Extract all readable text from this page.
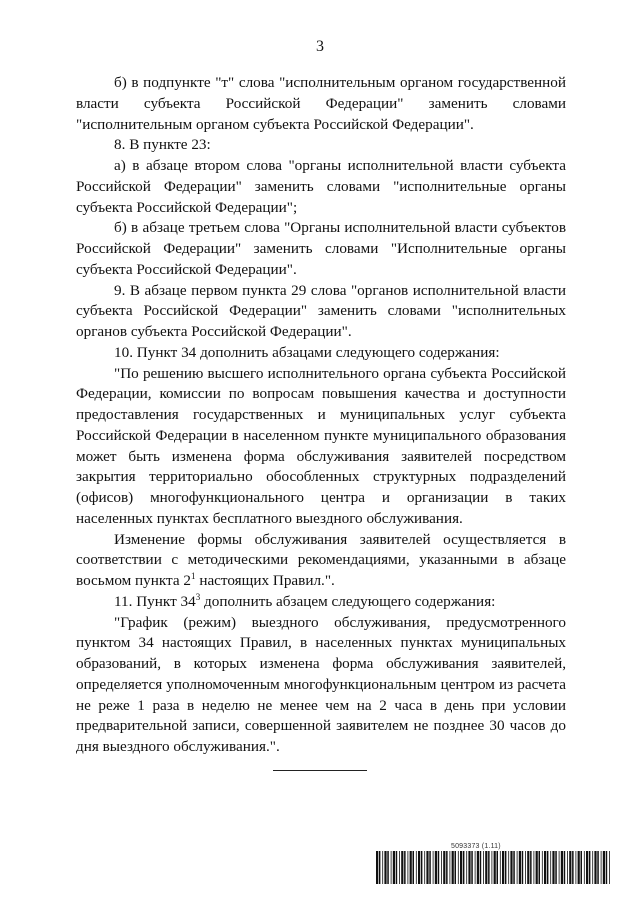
3

б) в подпункте "т" слова "исполнительным органом государственной власти субъекта Российской Федерации" заменить словами "исполнительным органом субъекта Российской Федерации".

8. В пункте 23:

а) в абзаце втором слова "органы исполнительной власти субъекта Российской Федерации" заменить словами "исполнительные органы субъекта Российской Федерации";

б) в абзаце третьем слова "Органы исполнительной власти субъектов Российской Федерации" заменить словами "Исполнительные органы субъекта Российской Федерации".

9. В абзаце первом пункта 29 слова "органов исполнительной власти субъекта Российской Федерации" заменить словами "исполнительных органов субъекта Российской Федерации".

10. Пункт 34 дополнить абзацами следующего содержания:

"По решению высшего исполнительного органа субъекта Российской Федерации, комиссии по вопросам повышения качества и доступности предоставления государственных и муниципальных услуг субъекта Российской Федерации в населенном пункте муниципального образования может быть изменена форма обслуживания заявителей посредством закрытия территориально обособленных структурных подразделений (офисов) многофункционального центра и организации в таких населенных пунктах бесплатного выездного обслуживания.

Изменение формы обслуживания заявителей осуществляется в соответствии с методическими рекомендациями, указанными в абзаце восьмом пункта $2^1$ настоящих Правил.".

11. Пункт $34^3$ дополнить абзацем следующего содержания:

"График (режим) выездного обслуживания, предусмотренного пунктом 34 настоящих Правил, в населенных пунктах муниципальных образований, в которых изменена форма обслуживания заявителей, определяется уполномоченным многофункциональным центром из расчета не реже 1 раза в неделю не менее чем на 2 часа в день при условии предварительной записи, совершенной заявителем не позднее 30 часов до дня выездного обслуживания.".

5093373 (1.11)
